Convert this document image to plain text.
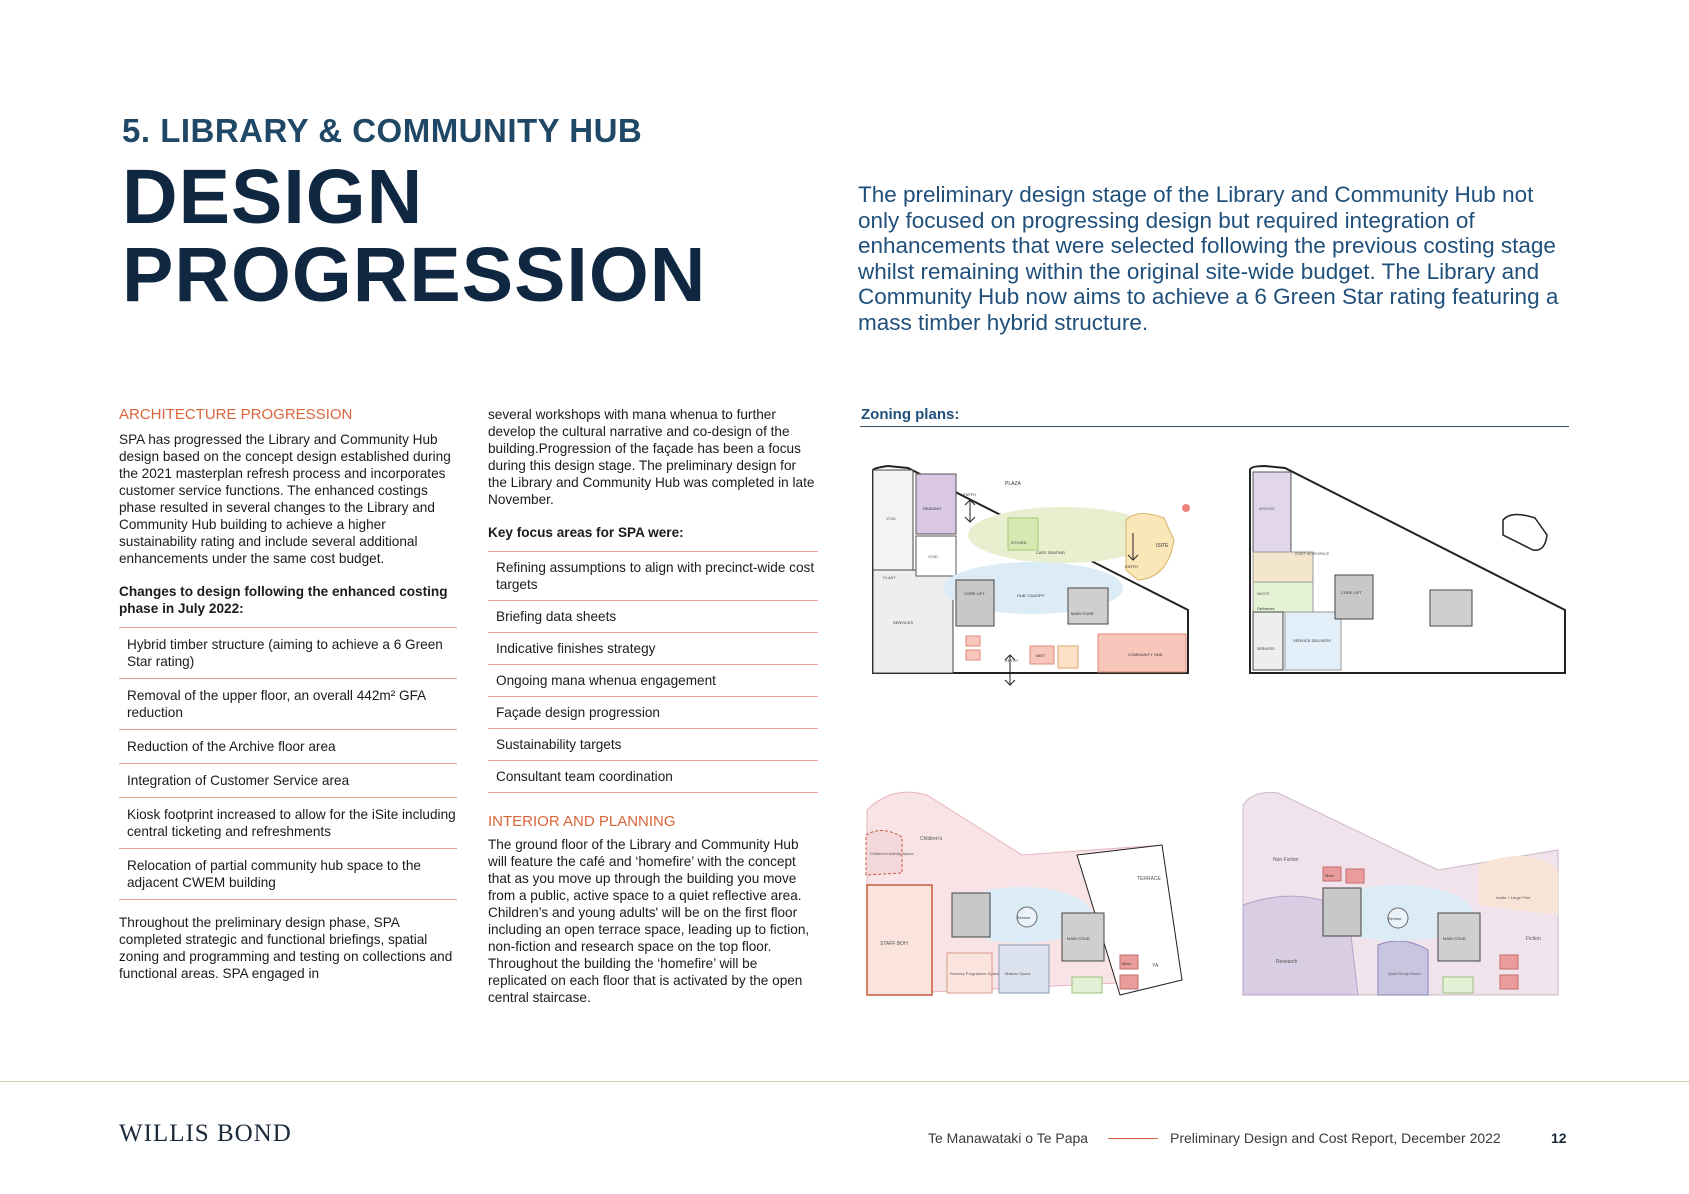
5. LIBRARY & COMMUNITY HUB
DESIGN
PROGRESSION
The preliminary design stage of the Library and Community Hub not only focused on progressing design but required integration of enhancements that were selected following the previous costing stage whilst remaining within the original site-wide budget. The Library and Community Hub now aims to achieve a 6 Green Star rating featuring a mass timber hybrid structure.
ARCHITECTURE PROGRESSION

SPA has progressed the Library and Community Hub design based on the concept design established during the 2021 masterplan refresh process and incorporates customer service functions. The enhanced costings phase resulted in several changes to the Library and Community Hub building to achieve a higher sustainability rating and include several additional enhancements under the same cost budget.

Changes to design following the enhanced costing phase in July 2022:

Hybrid timber structure (aiming to achieve a 6 Green Star rating)
Removal of the upper floor, an overall 442m² GFA reduction
Reduction of the Archive floor area
Integration of Customer Service area
Kiosk footprint increased to allow for the iSite including central ticketing and refreshments
Relocation of partial community hub space to the adjacent CWEM building

Throughout the preliminary design phase, SPA completed strategic and functional briefings, spatial zoning and programming and testing on collections and functional areas. SPA engaged in

several workshops with mana whenua to further develop the cultural narrative and co-design of the building.Progression of the façade has been a focus during this design stage. The preliminary design for the Library and Community Hub was completed in late November.

Key focus areas for SPA were:

Refining assumptions to align with precinct-wide cost targets
Briefing data sheets
Indicative finishes strategy
Ongoing mana whenua engagement
Façade design progression
Sustainability targets
Consultant team coordination
INTERIOR AND PLANNING

The ground floor of the Library and Community Hub will feature the café and ‘homefire’ with the concept that as you move up through the building you move from a public, active space to a quiet reflective area. Children’s and young adults' will be on the first floor including an open terrace space, leading up to fiction, non-fiction and research space on the top floor. Throughout the building the ‘homefire’ will be replicated on each floor that is activated by the open central staircase.

Zoning plans:
PLAZA
ENTRY
READING
VOID
VOID
KITCHEN
CAFE SEATING
ISITE
ENTRY
PLANT
CORE LIFT	HUB 'CANOPY'
MAIN STAIR
SERVICES
COMMUNITY HUB
ENTRY
MEET
ARCHIVE
STAFF WORKSPACE
Deliveries
WASTE
SERVICE DELIVERY
SERVICES
CORE LIFT
Children's
Children's Activity Space
TERRACE
STAFF BOH
Service
Sensory Programme Space Makers Space
YA
Meet
MAIN STAIR
Non Fiction
Meet
Audio + Large Print
Research
Service
Fiction
Quiet Study Room
MAIN STAIR
WILLIS BOND	Te Manawataki o Te Papa	Preliminary Design and Cost Report, December 2022	12
